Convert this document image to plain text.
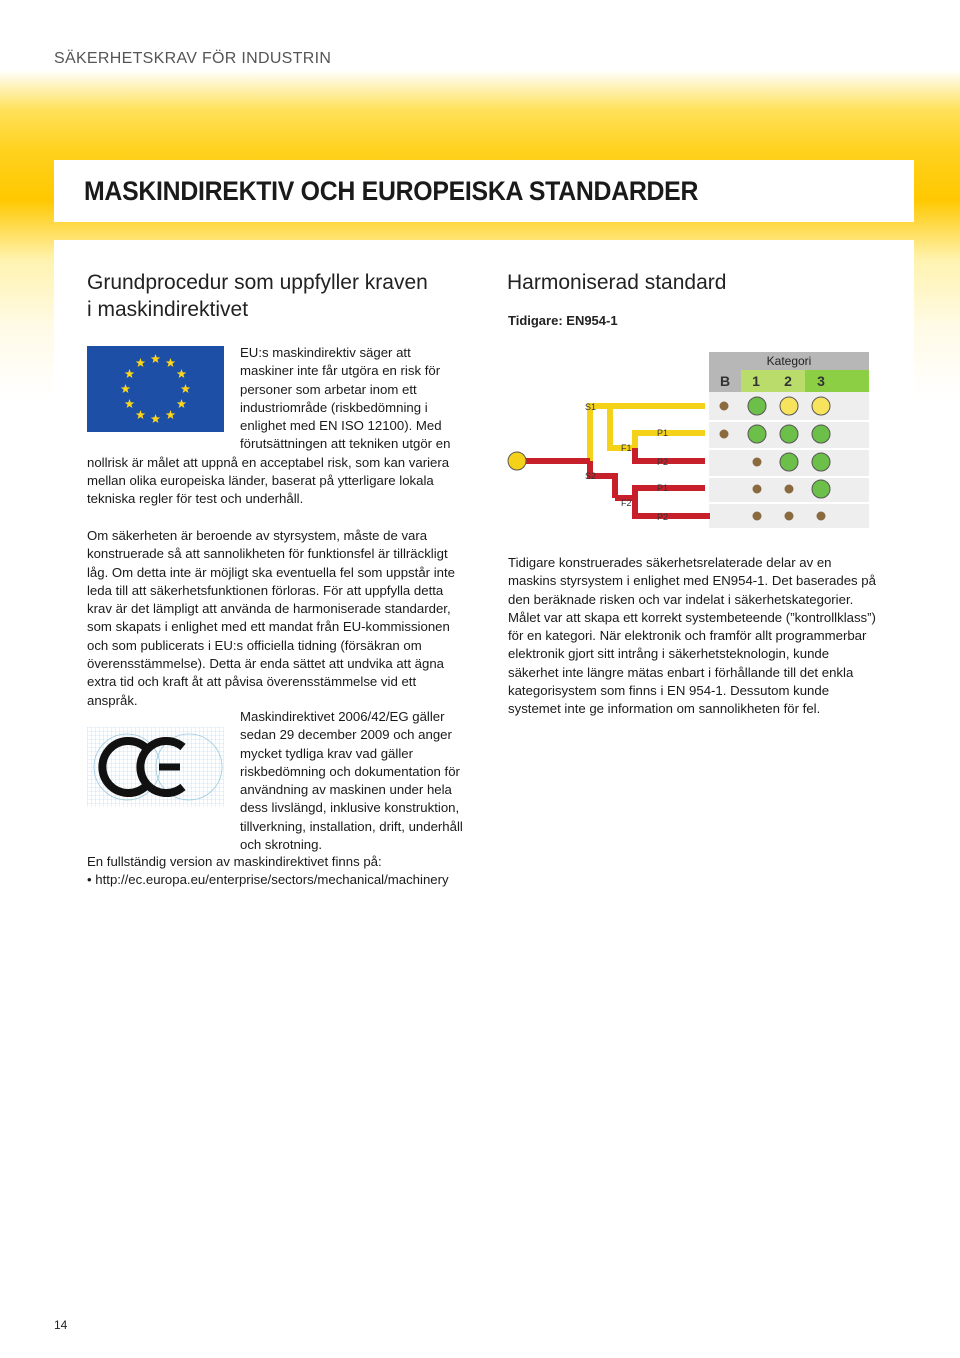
SÄKERHETSKRAV FÖR INDUSTRIN
MASKINDIREKTIV OCH EUROPEISKA STANDARDER
Grundprocedur som uppfyller kraven
i maskindirektivet
Harmoniserad standard
Tidigare: EN954-1
EU:s maskindirektiv säger att maskiner inte får utgöra en risk för personer som arbetar inom ett industriområde (riskbedömning i enlighet med EN ISO 12100). Med förutsättningen att tekniken utgör en nollrisk är målet att uppnå en acceptabel risk, som kan variera mellan olika europeiska länder, baserat på ytterligare lokala tekniska regler för test och underhåll.
Om säkerheten är beroende av styrsystem, måste de vara konstruerade så att sannolikheten för funktionsfel är tillräckligt låg. Om detta inte är möjligt ska eventuella fel som uppstår inte leda till att säkerhetsfunktionen förloras. För att uppfylla detta krav är det lämpligt att använda de harmoniserade standarder, som skapats i enlighet med ett mandat från EU-kommissionen och som publicerats i EU:s officiella tidning (försäkran om överensstämmelse). Detta är enda sättet att undvika att ägna extra tid och kraft åt att påvisa överensstämmelse vid ett anspråk.
Maskindirektivet 2006/42/EG gäller sedan 29 december 2009 och anger mycket tydliga krav vad gäller riskbedömning och dokumentation för användning av maskinen under hela dess livslängd, inklusive konstruktion, tillverkning, installation, drift, underhåll och skrotning.
En fullständig version av maskindirektivet finns på:
• http://ec.europa.eu/enterprise/sectors/mechanical/machinery
Kategori
B 1 2 3
S1
S2
F1
F2
P1
P2
P1
P2
Tidigare konstruerades säkerhetsrelaterade delar av en maskins styrsystem i enlighet med EN954-1. Det baserades på den beräknade risken och var indelat i säkerhetskategorier. Målet var att skapa ett korrekt systembeteende (”kontrollklass”) för en kategori. När elektronik och framför allt programmerbar elektronik gjort sitt intrång i säkerhetsteknologin, kunde säkerhet inte längre mätas enbart i förhållande till det enkla kategorisystem som finns i EN 954-1. Dessutom kunde systemet inte ge information om sannolikheten för fel.
14
